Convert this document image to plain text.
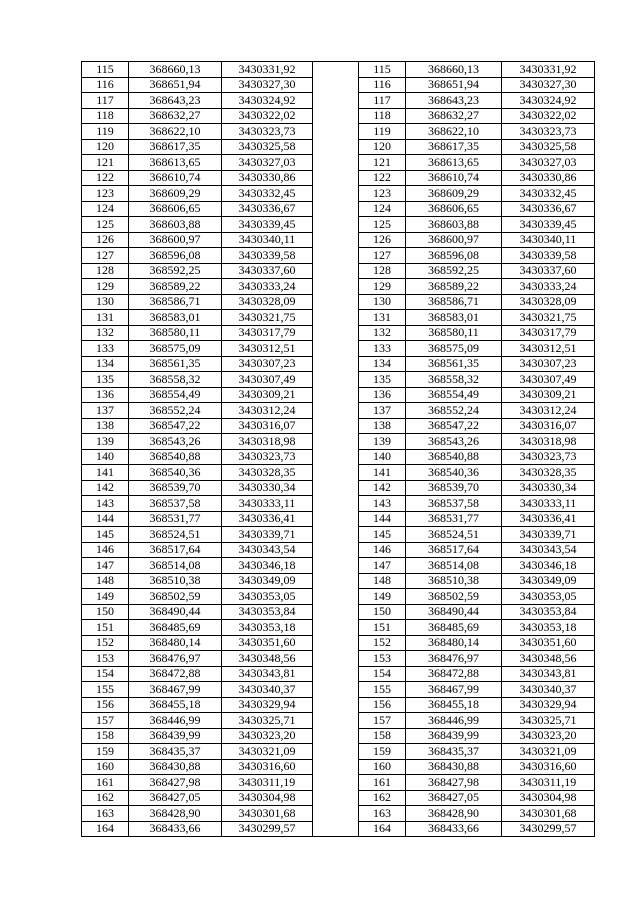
115	368660,13	3430331,92		115	368660,13	3430331,92
116	368651,94	3430327,30		116	368651,94	3430327,30
117	368643,23	3430324,92		117	368643,23	3430324,92
118	368632,27	3430322,02		118	368632,27	3430322,02
119	368622,10	3430323,73		119	368622,10	3430323,73
120	368617,35	3430325,58		120	368617,35	3430325,58
121	368613,65	3430327,03		121	368613,65	3430327,03
122	368610,74	3430330,86		122	368610,74	3430330,86
123	368609,29	3430332,45		123	368609,29	3430332,45
124	368606,65	3430336,67		124	368606,65	3430336,67
125	368603,88	3430339,45		125	368603,88	3430339,45
126	368600,97	3430340,11		126	368600,97	3430340,11
127	368596,08	3430339,58		127	368596,08	3430339,58
128	368592,25	3430337,60		128	368592,25	3430337,60
129	368589,22	3430333,24		129	368589,22	3430333,24
130	368586,71	3430328,09		130	368586,71	3430328,09
131	368583,01	3430321,75		131	368583,01	3430321,75
132	368580,11	3430317,79		132	368580,11	3430317,79
133	368575,09	3430312,51		133	368575,09	3430312,51
134	368561,35	3430307,23		134	368561,35	3430307,23
135	368558,32	3430307,49		135	368558,32	3430307,49
136	368554,49	3430309,21		136	368554,49	3430309,21
137	368552,24	3430312,24		137	368552,24	3430312,24
138	368547,22	3430316,07		138	368547,22	3430316,07
139	368543,26	3430318,98		139	368543,26	3430318,98
140	368540,88	3430323,73		140	368540,88	3430323,73
141	368540,36	3430328,35		141	368540,36	3430328,35
142	368539,70	3430330,34		142	368539,70	3430330,34
143	368537,58	3430333,11		143	368537,58	3430333,11
144	368531,77	3430336,41		144	368531,77	3430336,41
145	368524,51	3430339,71		145	368524,51	3430339,71
146	368517,64	3430343,54		146	368517,64	3430343,54
147	368514,08	3430346,18		147	368514,08	3430346,18
148	368510,38	3430349,09		148	368510,38	3430349,09
149	368502,59	3430353,05		149	368502,59	3430353,05
150	368490,44	3430353,84		150	368490,44	3430353,84
151	368485,69	3430353,18		151	368485,69	3430353,18
152	368480,14	3430351,60		152	368480,14	3430351,60
153	368476,97	3430348,56		153	368476,97	3430348,56
154	368472,88	3430343,81		154	368472,88	3430343,81
155	368467,99	3430340,37		155	368467,99	3430340,37
156	368455,18	3430329,94		156	368455,18	3430329,94
157	368446,99	3430325,71		157	368446,99	3430325,71
158	368439,99	3430323,20		158	368439,99	3430323,20
159	368435,37	3430321,09		159	368435,37	3430321,09
160	368430,88	3430316,60		160	368430,88	3430316,60
161	368427,98	3430311,19		161	368427,98	3430311,19
162	368427,05	3430304,98		162	368427,05	3430304,98
163	368428,90	3430301,68		163	368428,90	3430301,68
164	368433,66	3430299,57		164	368433,66	3430299,57
